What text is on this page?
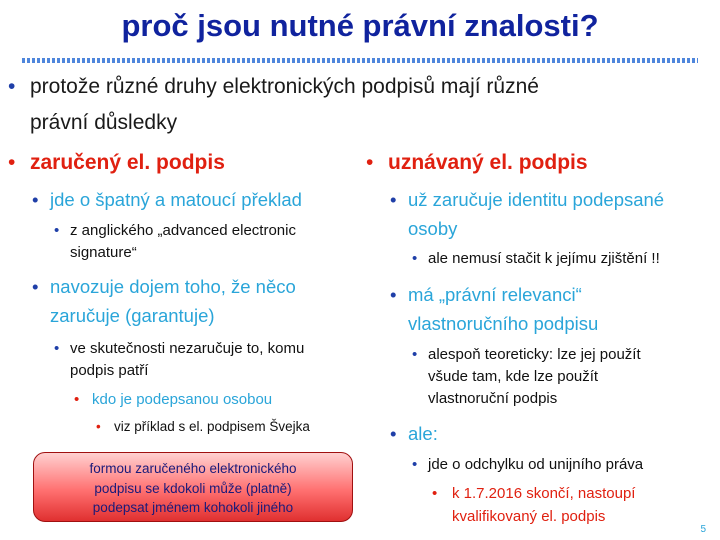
proč jsou nutné právní znalosti?
• protože různé druhy elektronických podpisů mají různé
právní důsledky
• zaručený el. podpis
• jde o špatný a matoucí překlad
• z anglického „advanced electronic
signature“
• navozuje dojem toho, že něco
zaručuje (garantuje)
• ve skutečnosti nezaručuje to, komu
podpis patří
• kdo je podepsanou osobou
• viz příklad s el. podpisem Švejka
formou zaručeného elektronického
podpisu se kdokoli může (platně)
podepsat jménem kohokoli jiného
• uznávaný el. podpis
• už zaručuje identitu podepsané
osoby
• ale nemusí stačit k jejímu zjištění !!
• má „právní relevanci“
vlastnoručního podpisu
• alespoň teoreticky: lze jej použít
všude tam, kde lze použít
vlastnoruční podpis
• ale:
• jde o odchylku od unijního práva
• k 1.7.2016 skončí, nastoupí
kvalifikovaný el. podpis
5
